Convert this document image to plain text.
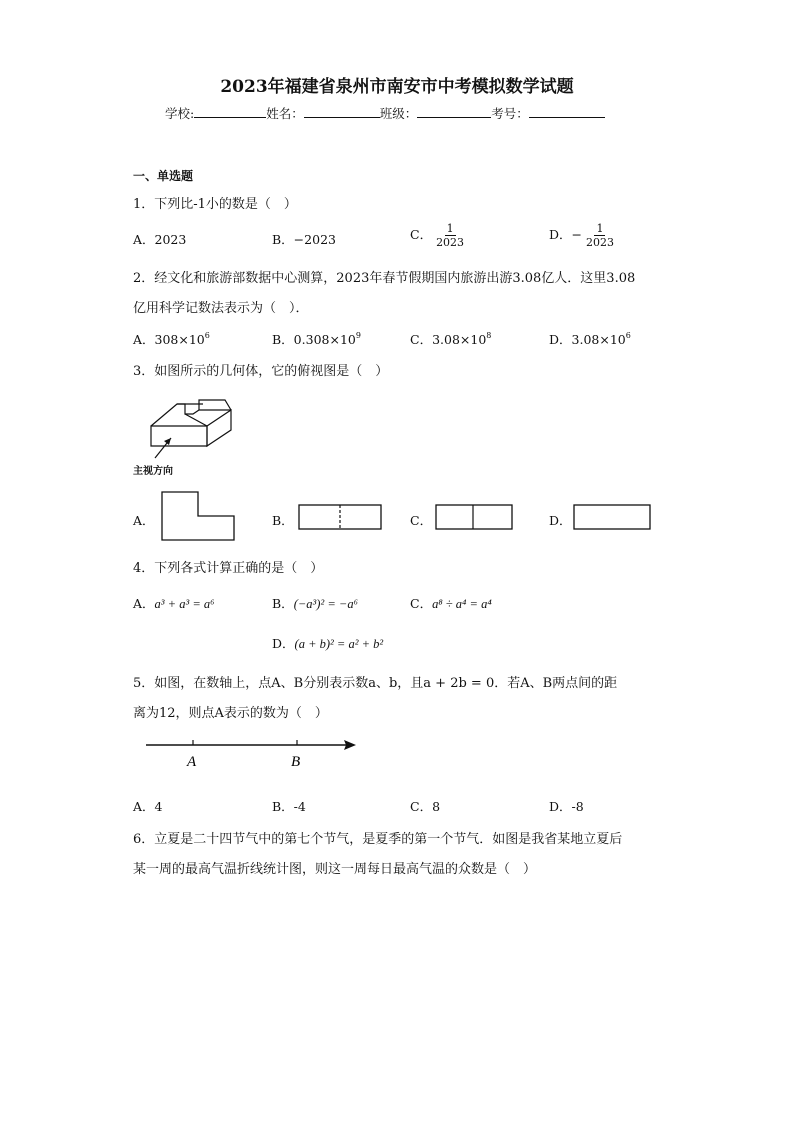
2023年福建省泉州市南安市中考模拟数学试题
学校:	姓名：	班级：	考号：
一、单选题
1．下列比-1小的数是（　）
A．2023	B．−2023	C． $\frac{1}{2023}$	D．− $\frac{1}{2023}$
2．经文化和旅游部数据中心测算，2023年春节假期国内旅游出游3.08亿人．这里3.08
亿用科学记数法表示为（　）．
A．$308\times 10^6$	B．$0.308\times 10^9$	C．$3.08\times 10^8$	D．$3.08\times 10^6$
3．如图所示的几何体，它的俯视图是（　）
主视方向
A．	B．	C．	D．
4．下列各式计算正确的是（　）
A．a³ + a³ = a⁶	B．(−a³)² = −a⁶	C．a⁸ ÷ a⁴ = a⁴
D．(a + b)² = a² + b²
5．如图，在数轴上，点A、B分别表示数a、b，且a + 2b = 0．若A、B两点间的距
离为12，则点A表示的数为（　）
A	B
A．4	B．-4	C．8	D．-8
6．立夏是二十四节气中的第七个节气，是夏季的第一个节气．如图是我省某地立夏后
某一周的最高气温折线统计图，则这一周每日最高气温的众数是（　）
